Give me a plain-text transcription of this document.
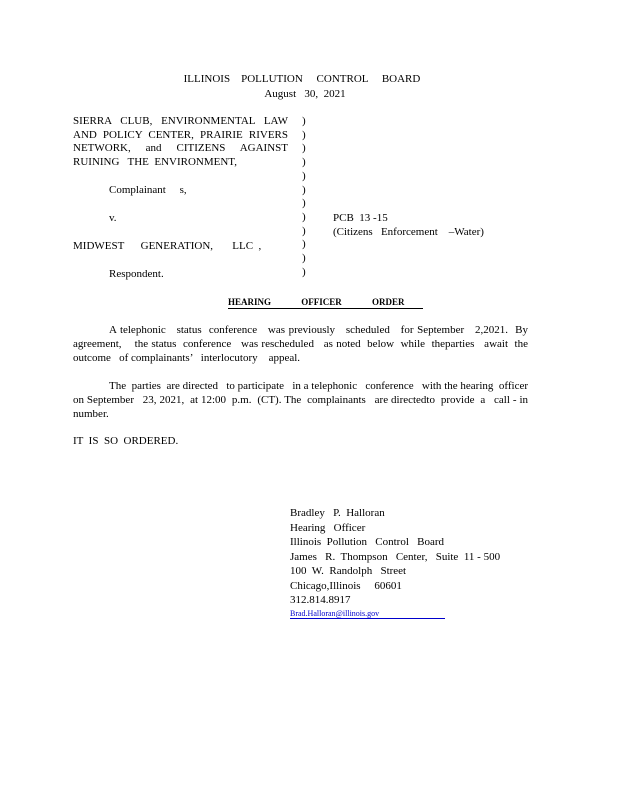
ILLINOIS    POLLUTION     CONTROL     BOARD
August   30,  2021
SIERRA CLUB, ENVIRONMENTAL LAW
AND POLICY CENTER, PRAIRIE RIVERS
NETWORK, and CITIZENS AGAINST
RUINING   THE  ENVIRONMENT,
Complainant     s,
v.
MIDWEST      GENERATION,       LLC  ,
Respondent.
)
)
)
)
)
)
)
)
)
)
)
)
PCB  13 -15
(Citizens   Enforcement    –Water)
HEARING OFFICER ORDER
A telephonic   status  conference   was previously   scheduled   for September   2,2021.  By
agreement,    the status  conference   was rescheduled   as noted  below  while  theparties   await  the
outcome   of complainants’   interlocutory    appeal.
The  parties  are directed   to participate   in a telephonic   conference   with the hearing  officer
on September   23, 2021,  at 12:00  p.m.  (CT). The  complainants   are directedto  provide  a   call - in
number.
IT  IS  SO  ORDERED.
Bradley   P.  Halloran
Hearing   Officer
Illinois  Pollution   Control   Board
James   R.  Thompson   Center,   Suite  11 - 500
100  W.  Randolph   Street
Chicago,Illinois     60601
312.814.8917
Brad.Halloran@illinois.gov
